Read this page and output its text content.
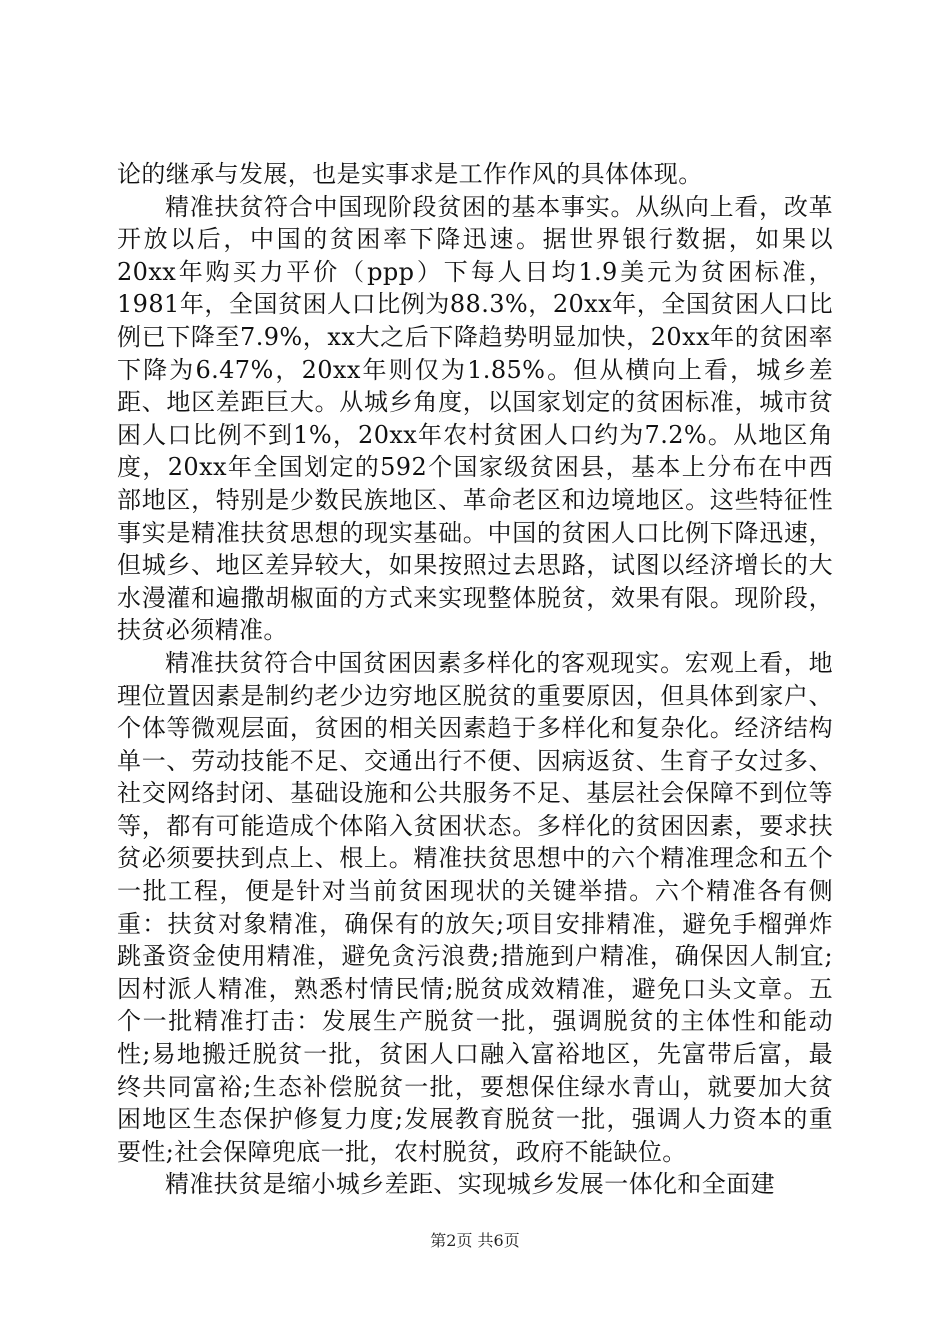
论的继承与发展，也是实事求是工作作风的具体体现。

精准扶贫符合中国现阶段贫困的基本事实。从纵向上看，改革开放以后，中国的贫困率下降迅速。据世界银行数据，如果以20xx年购买力平价（ppp）下每人日均1.9美元为贫困标准，1981年，全国贫困人口比例为88.3%，20xx年，全国贫困人口比例已下降至7.9%，xx大之后下降趋势明显加快，20xx年的贫困率下降为6.47%，20xx年则仅为1.85%。但从横向上看，城乡差距、地区差距巨大。从城乡角度，以国家划定的贫困标准，城市贫困人口比例不到1%，20xx年农村贫困人口约为7.2%。从地区角度，20xx年全国划定的592个国家级贫困县，基本上分布在中西部地区，特别是少数民族地区、革命老区和边境地区。这些特征性事实是精准扶贫思想的现实基础。中国的贫困人口比例下降迅速，但城乡、地区差异较大，如果按照过去思路，试图以经济增长的大水漫灌和遍撒胡椒面的方式来实现整体脱贫，效果有限。现阶段，扶贫必须精准。

精准扶贫符合中国贫困因素多样化的客观现实。宏观上看，地理位置因素是制约老少边穷地区脱贫的重要原因，但具体到家户、个体等微观层面，贫困的相关因素趋于多样化和复杂化。经济结构单一、劳动技能不足、交通出行不便、因病返贫、生育子女过多、社交网络封闭、基础设施和公共服务不足、基层社会保障不到位等等，都有可能造成个体陷入贫困状态。多样化的贫困因素，要求扶贫必须要扶到点上、根上。精准扶贫思想中的六个精准理念和五个一批工程，便是针对当前贫困现状的关键举措。六个精准各有侧重：扶贫对象精准，确保有的放矢;项目安排精准，避免手榴弹炸跳蚤资金使用精准，避免贪污浪费;措施到户精准，确保因人制宜;因村派人精准，熟悉村情民情;脱贫成效精准，避免口头文章。五个一批精准打击：发展生产脱贫一批，强调脱贫的主体性和能动性;易地搬迁脱贫一批，贫困人口融入富裕地区，先富带后富，最终共同富裕;生态补偿脱贫一批，要想保住绿水青山，就要加大贫困地区生态保护修复力度;发展教育脱贫一批，强调人力资本的重要性;社会保障兜底一批，农村脱贫，政府不能缺位。

精准扶贫是缩小城乡差距、实现城乡发展一体化和全面建

第2页 共6页
